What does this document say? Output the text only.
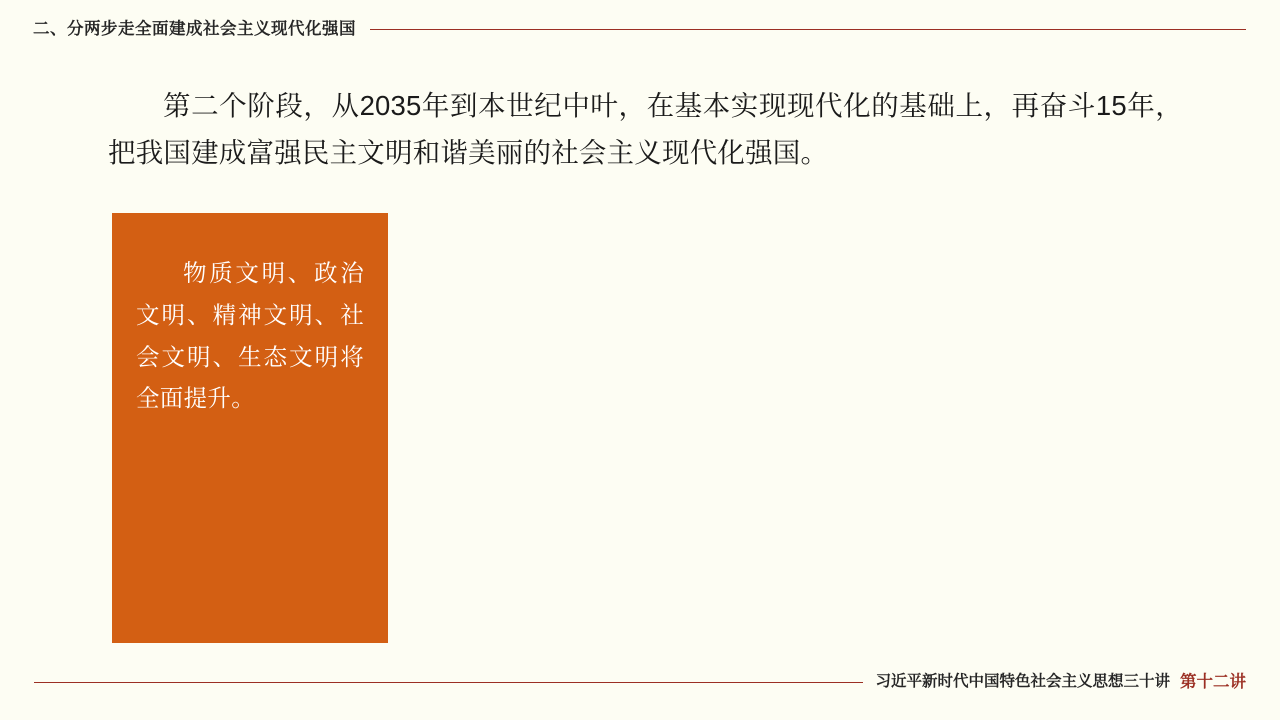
二、分两步走全面建成社会主义现代化强国
第二个阶段，从2035年到本世纪中叶，在基本实现现代化的基础上，再奋斗15年，把我国建成富强民主文明和谐美丽的社会主义现代化强国。
物质文明、政治文明、精神文明、社会文明、生态文明将全面提升。
习近平新时代中国特色社会主义思想三十讲 第十二讲
